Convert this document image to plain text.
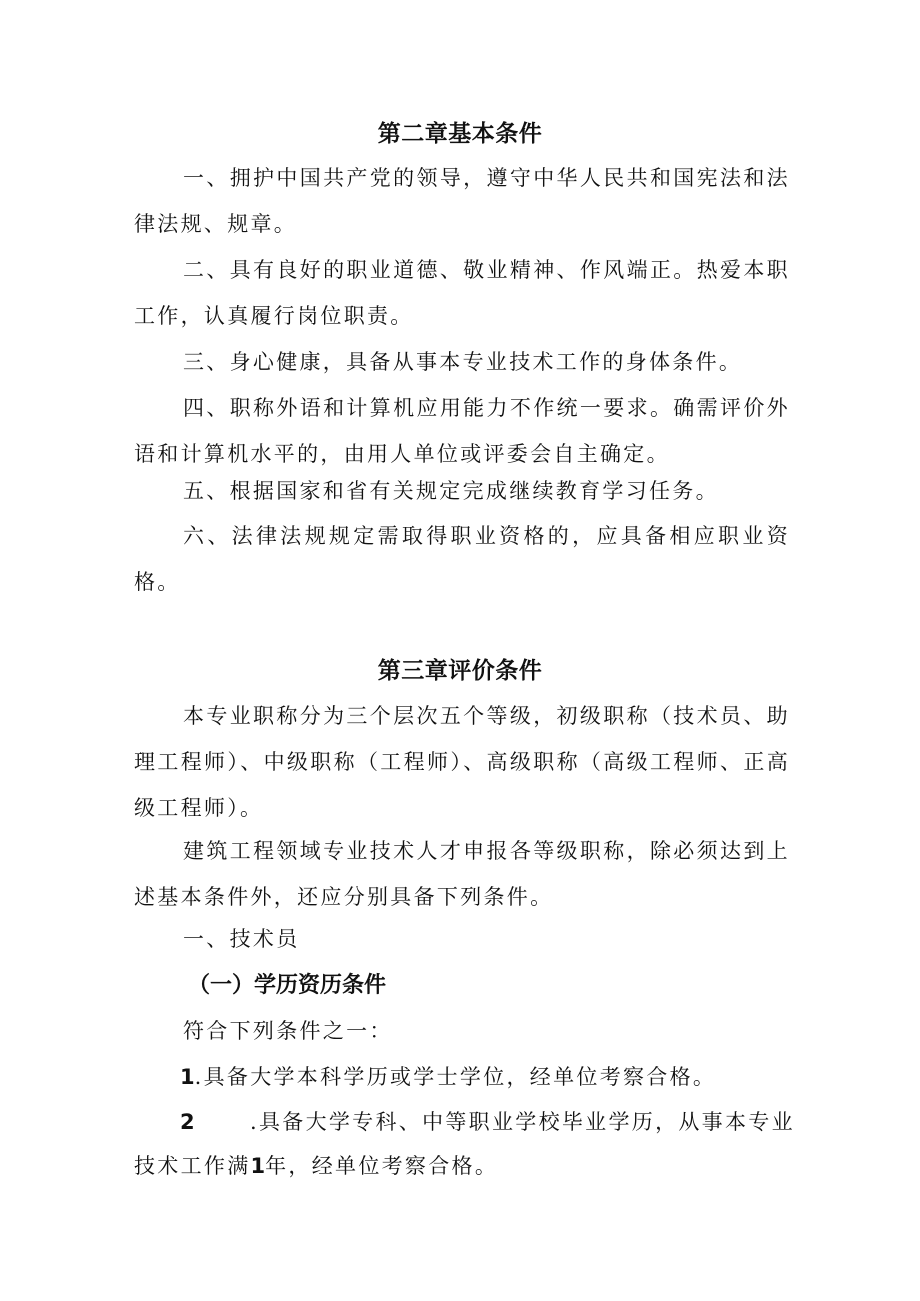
第二章基本条件
一、拥护中国共产党的领导，遵守中华人民共和国宪法和法律法规、规章。
二、具有良好的职业道德、敬业精神、作风端正。热爱本职工作，认真履行岗位职责。
三、身心健康，具备从事本专业技术工作的身体条件。
四、职称外语和计算机应用能力不作统一要求。确需评价外语和计算机水平的，由用人单位或评委会自主确定。
五、根据国家和省有关规定完成继续教育学习任务。
六、法律法规规定需取得职业资格的，应具备相应职业资格。
第三章评价条件
本专业职称分为三个层次五个等级，初级职称（技术员、助理工程师）、中级职称（工程师）、高级职称（高级工程师、正高级工程师）。
建筑工程领域专业技术人才申报各等级职称，除必须达到上述基本条件外，还应分别具备下列条件。
一、技术员
（一）学历资历条件
符合下列条件之一：
1.具备大学本科学历或学士学位，经单位考察合格。
2	.具备大学专科、中等职业学校毕业学历，从事本专业
技术工作满1年，经单位考察合格。
